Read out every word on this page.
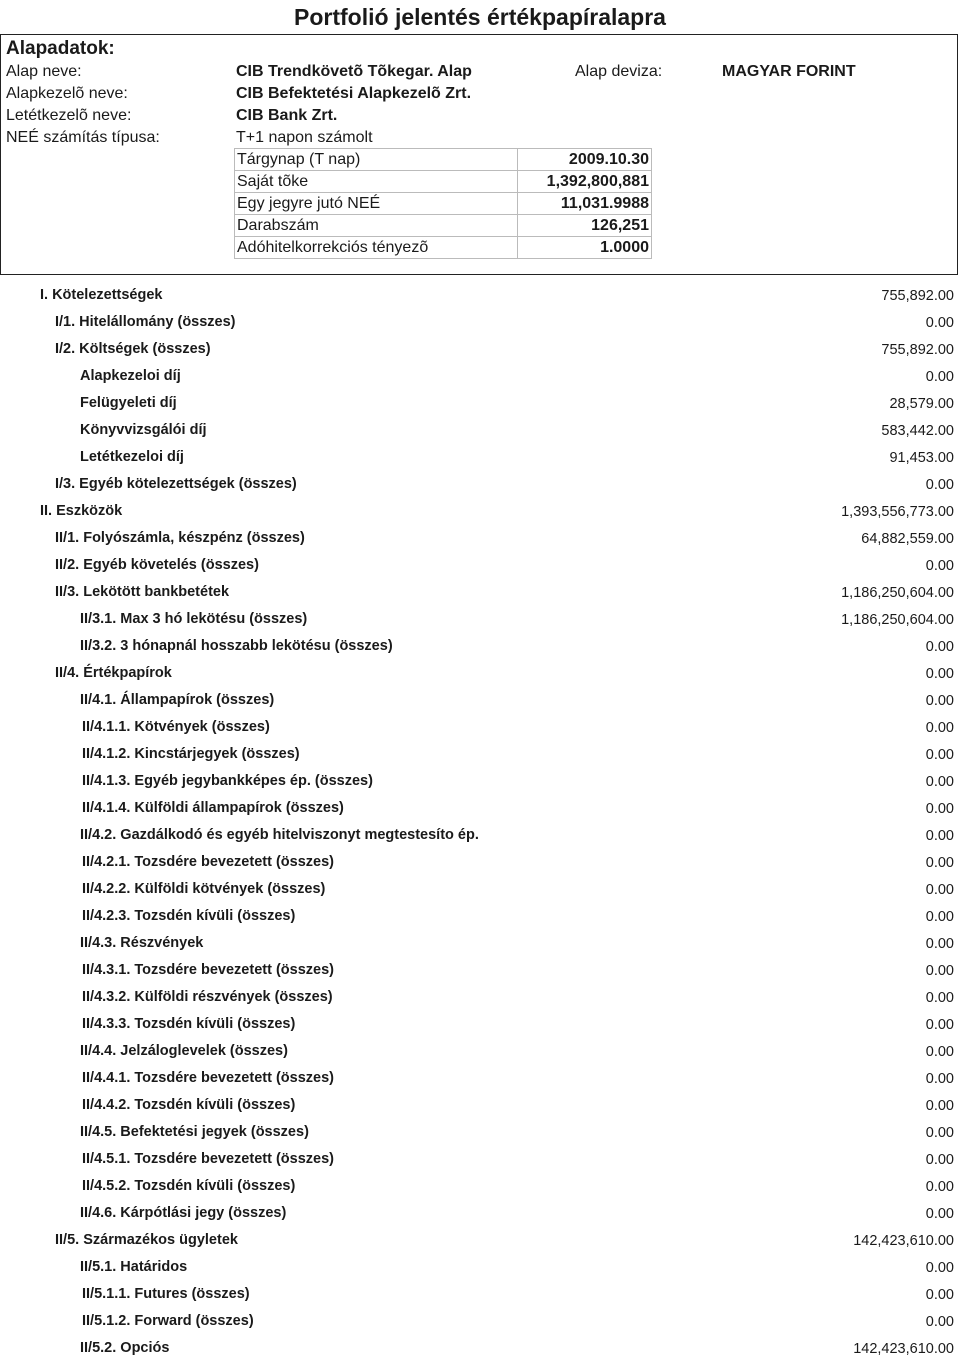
Portfolió jelentés értékpapíralapra
Alapadatok:
Alap neve:	CIB Trendkövetõ Tõkegar. Alap	Alap deviza:	MAGYAR FORINT
Alapkezelõ neve:	CIB Befektetési Alapkezelõ Zrt.
Letétkezelõ neve:	CIB Bank Zrt.
NEÉ számítás típusa:	T+1 napon számolt
Tárgynap (T nap)	2009.10.30
Saját tõke	1,392,800,881
Egy jegyre jutó NEÉ	11,031.9988
Darabszám	126,251
Adóhitelkorrekciós tényezõ	1.0000
I. Kötelezettségek	755,892.00
I/1. Hitelállomány (összes)	0.00
I/2. Költségek (összes)	755,892.00
Alapkezeloi díj	0.00
Felügyeleti díj	28,579.00
Könyvvizsgálói díj	583,442.00
Letétkezeloi díj	91,453.00
I/3. Egyéb kötelezettségek (összes)	0.00
II. Eszközök	1,393,556,773.00
II/1. Folyószámla, készpénz (összes)	64,882,559.00
II/2. Egyéb követelés (összes)	0.00
II/3. Lekötött bankbetétek	1,186,250,604.00
II/3.1. Max 3 hó lekötésu (összes)	1,186,250,604.00
II/3.2. 3 hónapnál hosszabb lekötésu (összes)	0.00
II/4. Értékpapírok	0.00
II/4.1. Állampapírok (összes)	0.00
II/4.1.1. Kötvények (összes)	0.00
II/4.1.2. Kincstárjegyek (összes)	0.00
II/4.1.3. Egyéb jegybankképes ép. (összes)	0.00
II/4.1.4. Külföldi állampapírok (összes)	0.00
II/4.2. Gazdálkodó és egyéb hitelviszonyt megtestesíto ép.	0.00
II/4.2.1. Tozsdére bevezetett (összes)	0.00
II/4.2.2. Külföldi kötvények (összes)	0.00
II/4.2.3. Tozsdén kívüli (összes)	0.00
II/4.3. Részvények	0.00
II/4.3.1. Tozsdére bevezetett (összes)	0.00
II/4.3.2. Külföldi részvények (összes)	0.00
II/4.3.3. Tozsdén kívüli (összes)	0.00
II/4.4. Jelzáloglevelek (összes)	0.00
II/4.4.1. Tozsdére bevezetett (összes)	0.00
II/4.4.2. Tozsdén kívüli (összes)	0.00
II/4.5. Befektetési jegyek (összes)	0.00
II/4.5.1. Tozsdére bevezetett (összes)	0.00
II/4.5.2. Tozsdén kívüli (összes)	0.00
II/4.6. Kárpótlási jegy (összes)	0.00
II/5. Származékos ügyletek	142,423,610.00
II/5.1. Határidos	0.00
II/5.1.1. Futures (összes)	0.00
II/5.1.2. Forward (összes)	0.00
II/5.2. Opciós	142,423,610.00
